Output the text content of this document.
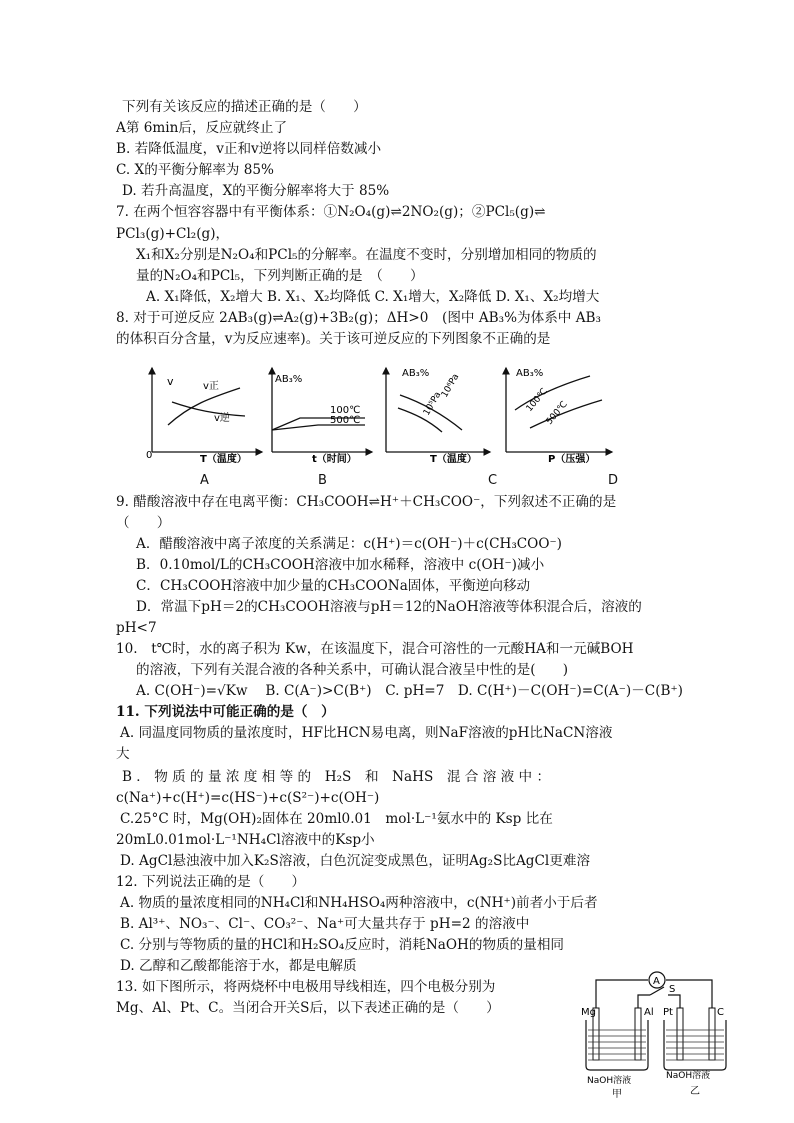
下列有关该反应的描述正确的是（　　）
A第 6min后，反应就终止了
B. 若降低温度，v正和v逆将以同样倍数减小
C. X的平衡分解率为 85%
D. 若升高温度，X的平衡分解率将大于 85%
7. 在两个恒容容器中有平衡体系：①N₂O₄(g)⇌2NO₂(g)；②PCl₅(g)⇌
PCl₃(g)+Cl₂(g)，
X₁和X₂分别是N₂O₄和PCl₅的分解率。在温度不变时，分别增加相同的物质的
量的N₂O₄和PCl₅，下列判断正确的是　（　　）
A. X₁降低，X₂增大 B. X₁、X₂均降低 C. X₁增大，X₂降低 D. X₁、X₂均增大
8. 对于可逆反应 2AB₃(g)⇌A₂(g)+3B₂(g)；ΔH>0　(图中 AB₃%为体系中 AB₃
的体积百分含量，v为反应速率)。关于该可逆反应的下列图象不正确的是
0
v	v正
v逆
T（温度）
AB₃%
100℃
500℃
t（时间）
AB₃% 10⁶Pa
10⁵Pa
T（温度）
AB₃%
100℃
500℃
P（压强）
A	B	C	D
9. 醋酸溶液中存在电离平衡：CH₃COOH⇌H⁺＋CH₃COO⁻，下列叙述不正确的是
（　　）
A．醋酸溶液中离子浓度的关系满足：c(H⁺)＝c(OH⁻)＋c(CH₃COO⁻)
B．0.10mol/L的CH₃COOH溶液中加水稀释，溶液中 c(OH⁻)减小
C．CH₃COOH溶液中加少量的CH₃COONa固体，平衡逆向移动
D．常温下pH＝2的CH₃COOH溶液与pH＝12的NaOH溶液等体积混合后，溶液的
pH<7
10.　t℃时，水的离子积为 Kw，在该温度下，混合可溶性的一元酸HA和一元碱BOH
的溶液，下列有关混合液的各种关系中，可确认混合液呈中性的是(　　)
A. C(OH⁻)=√Kw　 B. C(A⁻)>C(B⁺)　C. pH=7　D. C(H⁺)－C(OH⁻)=C(A⁻)－C(B⁺)
11. 下列说法中可能正确的是（　）
A. 同温度同物质的量浓度时，HF比HCN易电离，则NaF溶液的pH比NaCN溶液
大
B ． 物 质 的 量 浓 度 相 等 的　H₂S　和　NaHS　混 合 溶 液 中 ：
c(Na⁺)+c(H⁺)=c(HS⁻)+c(S²⁻)+c(OH⁻)
C.25°C 时，Mg(OH)₂固体在 20ml0.01　mol·L⁻¹氨水中的 Ksp 比在
20mL0.01mol·L⁻¹NH₄Cl溶液中的Ksp小
D. AgCl悬浊液中加入K₂S溶液，白色沉淀变成黑色，证明Ag₂S比AgCl更难溶
12. 下列说法正确的是（　　）
A. 物质的量浓度相同的NH₄Cl和NH₄HSO₄两种溶液中，c(NH⁺)前者小于后者
B. Al³⁺、NO₃⁻、Cl⁻、CO₃²⁻、Na⁺可大量共存于 pH=2 的溶液中
C. 分别与等物质的量的HCl和H₂SO₄反应时，消耗NaOH的物质的量相同
D. 乙醇和乙酸都能溶于水，都是电解质
13. 如下图所示，将两烧杯中电极用导线相连，四个电极分别为
Mg、Al、Pt、C。当闭合开关S后，以下表述正确的是（　　）
A
S
Mg	Al Pt	C
NaOH溶液	NaOH溶液
甲	乙
